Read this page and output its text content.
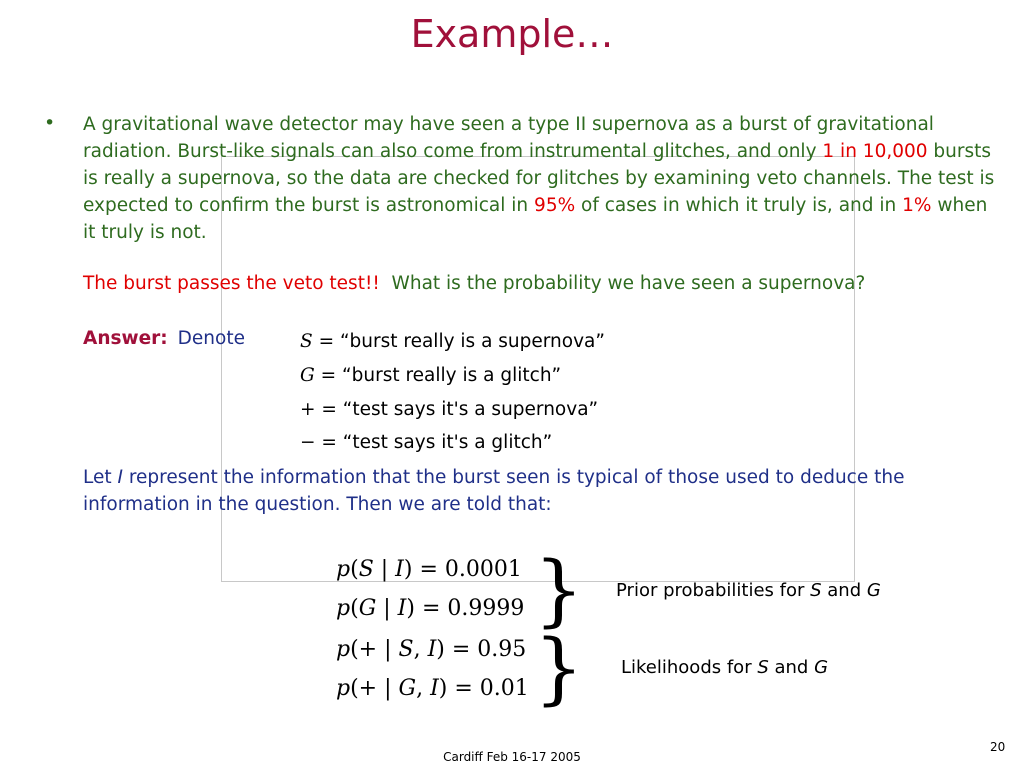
Example…
• A gravitational wave detector may have seen a type II supernova as a burst of gravitational radiation. Burst-like signals can also come from instrumental glitches, and only 1 in 10,000 bursts is really a supernova, so the data are checked for glitches by examining veto channels. The test is expected to confirm the burst is astronomical in 95% of cases in which it truly is, and in 1% when it truly is not.
The burst passes the veto test!! What is the probability we have seen a supernova?
Answer: Denote	S = “burst really is a supernova”
G = “burst really is a glitch”
+ = “test says it's a supernova”
− = “test says it's a glitch”
Let I represent the information that the burst seen is typical of those used to deduce the information in the question. Then we are told that:
p(S | I) = 0.0001
p(G | I) = 0.9999
p(+ | S, I) = 0.95
p(+ | G, I) = 0.01
}
}
Prior probabilities for S and G
Likelihoods for S and G
Cardiff Feb 16-17 2005
20
